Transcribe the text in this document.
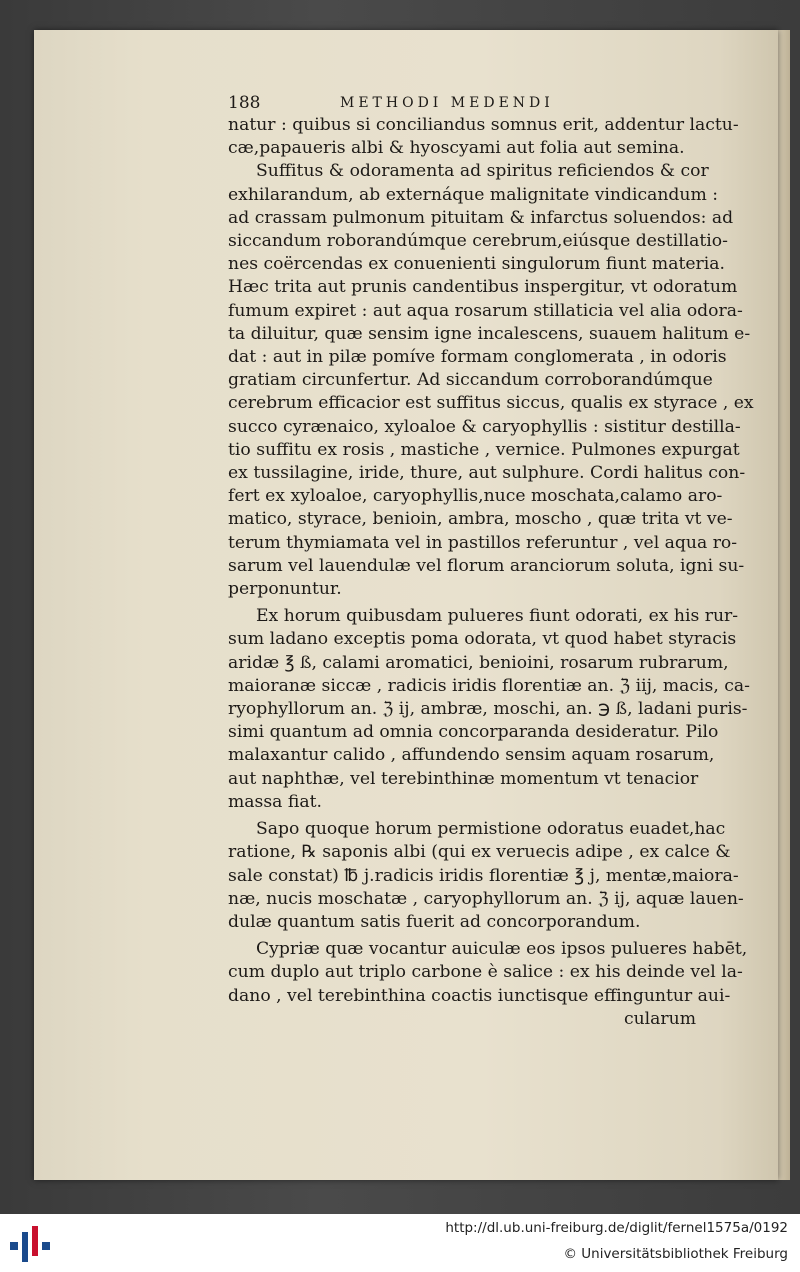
188	METHODI MEDENDI
natur : quibus si conciliandus somnus erit, addentur lactu-
cæ,papaueris albi & hyoscyami aut folia aut semina.
Suffitus & odoramenta ad spiritus reficiendos & cor
exhilarandum, ab externáque malignitate vindicandum :
ad crassam pulmonum pituitam & infarctus soluendos: ad
siccandum roborandúmque cerebrum,eiúsque destillatio-
nes coërcendas ex conuenienti singulorum fiunt materia.
Hæc trita aut prunis candentibus inspergitur, vt odoratum
fumum expiret : aut aqua rosarum stillaticia vel alia odora-
ta diluitur, quæ sensim igne incalescens, suauem halitum e-
dat : aut in pilæ pomíve formam conglomerata , in odoris
gratiam circunfertur. Ad siccandum corroborandúmque
cerebrum efficacior est suffitus siccus, qualis ex styrace , ex
succo cyrænaico, xyloaloe & caryophyllis : sistitur destilla-
tio suffitu ex rosis , mastiche , vernice. Pulmones expurgat
ex tussilagine, iride, thure, aut sulphure. Cordi halitus con-
fert ex xyloaloe, caryophyllis,nuce moschata,calamo aro-
matico, styrace, benioin, ambra, moscho , quæ trita vt ve-
terum thymiamata vel in pastillos referuntur , vel aqua ro-
sarum vel lauendulæ vel florum aranciorum soluta, igni su-
perponuntur.
Ex horum quibusdam pulueres fiunt odorati, ex his rur-
sum ladano exceptis poma odorata, vt quod habet styracis
aridæ ℥ ß, calami aromatici, benioini, rosarum rubrarum,
maioranæ siccæ , radicis iridis florentiæ an. ℨ iij, macis, ca-
ryophyllorum an. ℨ ij, ambræ, moschi, an. ℈ ß, ladani puris-
simi quantum ad omnia concorparanda desideratur. Pilo
malaxantur calido , affundendo sensim aquam rosarum,
aut naphthæ, vel terebinthinæ momentum vt tenacior
massa fiat.
Sapo quoque horum permistione odoratus euadet,hac
ratione, ℞ saponis albi (qui ex veruecis adipe , ex calce &
sale constat) ℔ j.radicis iridis florentiæ ℥ j, mentæ,maiora-
næ, nucis moschatæ , caryophyllorum an. ℨ ij, aquæ lauen-
dulæ quantum satis fuerit ad concorporandum.
Cypriæ quæ vocantur auiculæ eos ipsos pulueres habēt,
cum duplo aut triplo carbone è salice : ex his deinde vel la-
dano , vel terebinthina coactis iunctisque effinguntur aui-
cularum
http://dl.ub.uni-freiburg.de/diglit/fernel1575a/0192
© Universitätsbibliothek Freiburg
